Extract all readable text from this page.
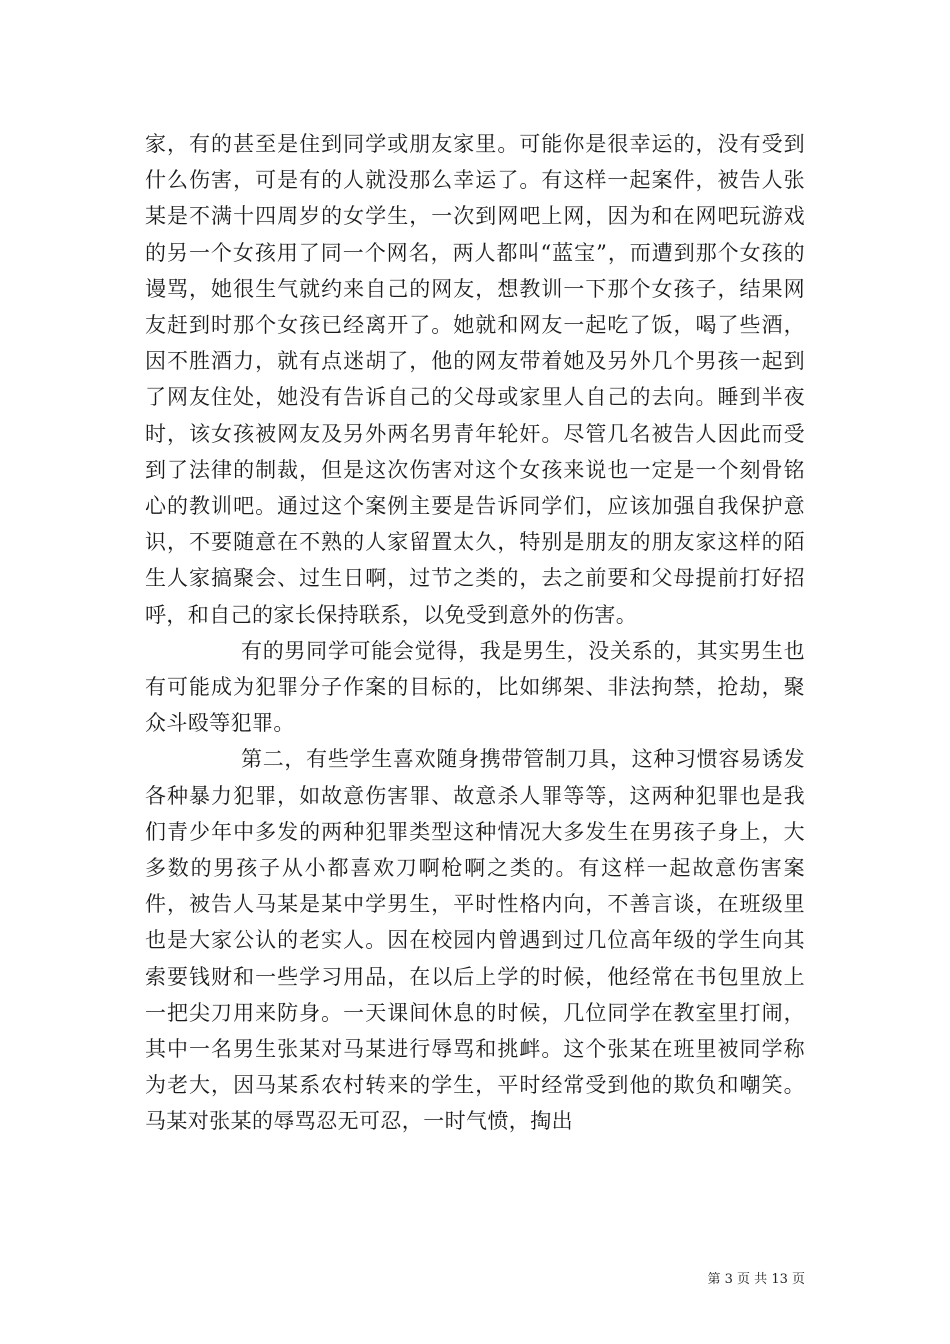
家，有的甚至是住到同学或朋友家里。可能你是很幸运的，没有受到什么伤害，可是有的人就没那么幸运了。有这样一起案件，被告人张某是不满十四周岁的女学生，一次到网吧上网，因为和在网吧玩游戏的另一个女孩用了同一个网名，两人都叫“蓝宝”，而遭到那个女孩的谩骂，她很生气就约来自己的网友，想教训一下那个女孩子，结果网友赶到时那个女孩已经离开了。她就和网友一起吃了饭，喝了些酒，因不胜酒力，就有点迷胡了，他的网友带着她及另外几个男孩一起到了网友住处，她没有告诉自己的父母或家里人自己的去向。睡到半夜时，该女孩被网友及另外两名男青年轮奸。尽管几名被告人因此而受到了法律的制裁，但是这次伤害对这个女孩来说也一定是一个刻骨铭心的教训吧。通过这个案例主要是告诉同学们，应该加强自我保护意识，不要随意在不熟的人家留置太久，特别是朋友的朋友家这样的陌生人家搞聚会、过生日啊，过节之类的，去之前要和父母提前打好招呼，和自己的家长保持联系，以免受到意外的伤害。

有的男同学可能会觉得，我是男生，没关系的，其实男生也有可能成为犯罪分子作案的目标的，比如绑架、非法拘禁，抢劫，聚众斗殴等犯罪。

第二，有些学生喜欢随身携带管制刀具，这种习惯容易诱发各种暴力犯罪，如故意伤害罪、故意杀人罪等等，这两种犯罪也是我们青少年中多发的两种犯罪类型这种情况大多发生在男孩子身上，大多数的男孩子从小都喜欢刀啊枪啊之类的。有这样一起故意伤害案件，被告人马某是某中学男生，平时性格内向，不善言谈，在班级里也是大家公认的老实人。因在校园内曾遇到过几位高年级的学生向其索要钱财和一些学习用品，在以后上学的时候，他经常在书包里放上一把尖刀用来防身。一天课间休息的时候，几位同学在教室里打闹，其中一名男生张某对马某进行辱骂和挑衅。这个张某在班里被同学称为老大，因马某系农村转来的学生，平时经常受到他的欺负和嘲笑。马某对张某的辱骂忍无可忍，一时气愤，掏出

第 3 页 共 13 页
